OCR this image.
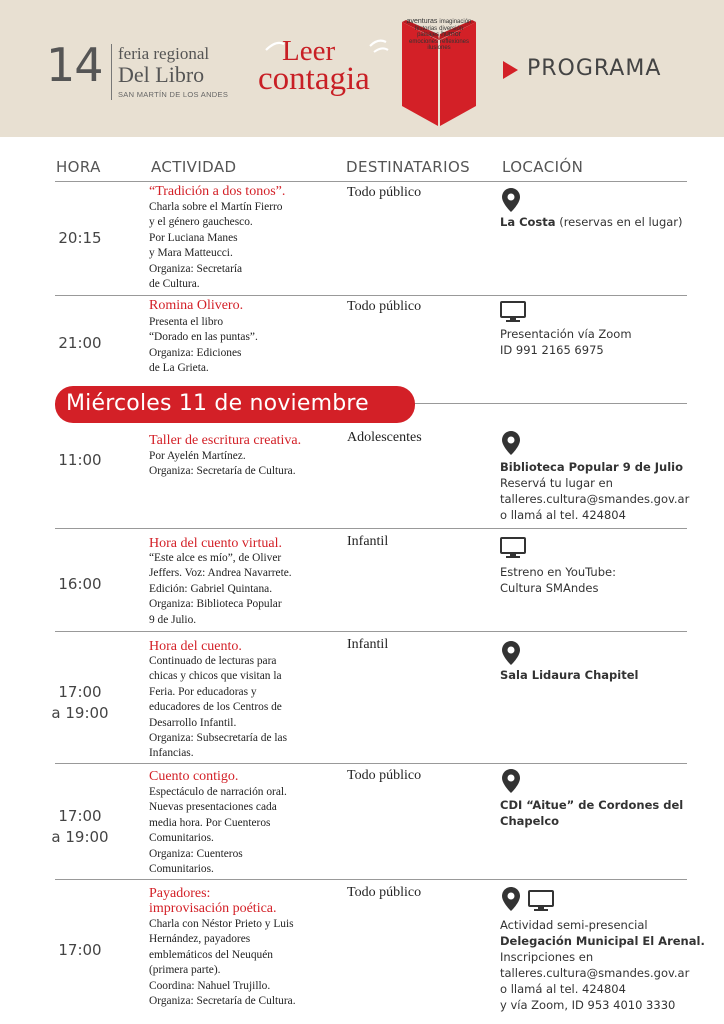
14 feria regional
Del Libro
SAN MARTÍN DE LOS ANDES
Leer
contagia
aventuras imaginación historias diversión paisajes humor emociones reflexiones ilusiones
PROGRAMA
HORA	ACTIVIDAD	DESTINATARIOS LOCACIÓN
20:15
“Tradición a dos tonos”.
Charla sobre el Martín Fierro
y el género gauchesco.
Por Luciana Manes
y Mara Matteucci.
Organiza: Secretaría
de Cultura.
Todo público
La Costa (reservas en el lugar)
21:00
Romina Olivero.
Presenta el libro
“Dorado en las puntas”.
Organiza: Ediciones
de La Grieta.
Todo público
Presentación vía Zoom
ID 991 2165 6975
Miércoles 11 de noviembre
11:00
Taller de escritura creativa.
Por Ayelén Martínez.
Organiza: Secretaría de Cultura.
Adolescentes
Biblioteca Popular 9 de Julio
Reservá tu lugar en
talleres.cultura@smandes.gov.ar
o llamá al tel. 424804
16:00
Hora del cuento virtual.
“Este alce es mío”, de Oliver
Jeffers. Voz: Andrea Navarrete.
Edición: Gabriel Quintana.
Organiza: Biblioteca Popular
9 de Julio.
Infantil
Estreno en YouTube:
Cultura SMAndes
17:00
a 19:00
Hora del cuento.
Continuado de lecturas para
chicas y chicos que visitan la
Feria. Por educadoras y
educadores de los Centros de
Desarrollo Infantil.
Organiza: Subsecretaría de las
Infancias.
Infantil
Sala Lidaura Chapitel
17:00
a 19:00
Cuento contigo.
Espectáculo de narración oral.
Nuevas presentaciones cada
media hora. Por Cuenteros
Comunitarios.
Organiza: Cuenteros
Comunitarios.
Todo público
CDI “Aitue” de Cordones del
Chapelco
17:00
Payadores:
improvisación poética.
Charla con Néstor Prieto y Luis
Hernández, payadores
emblemáticos del Neuquén
(primera parte).
Coordina: Nahuel Trujillo.
Organiza: Secretaría de Cultura.
Todo público
Actividad semi-presencial
Delegación Municipal El Arenal.
Inscripciones en
talleres.cultura@smandes.gov.ar
o llamá al tel. 424804
y vía Zoom, ID 953 4010 3330
